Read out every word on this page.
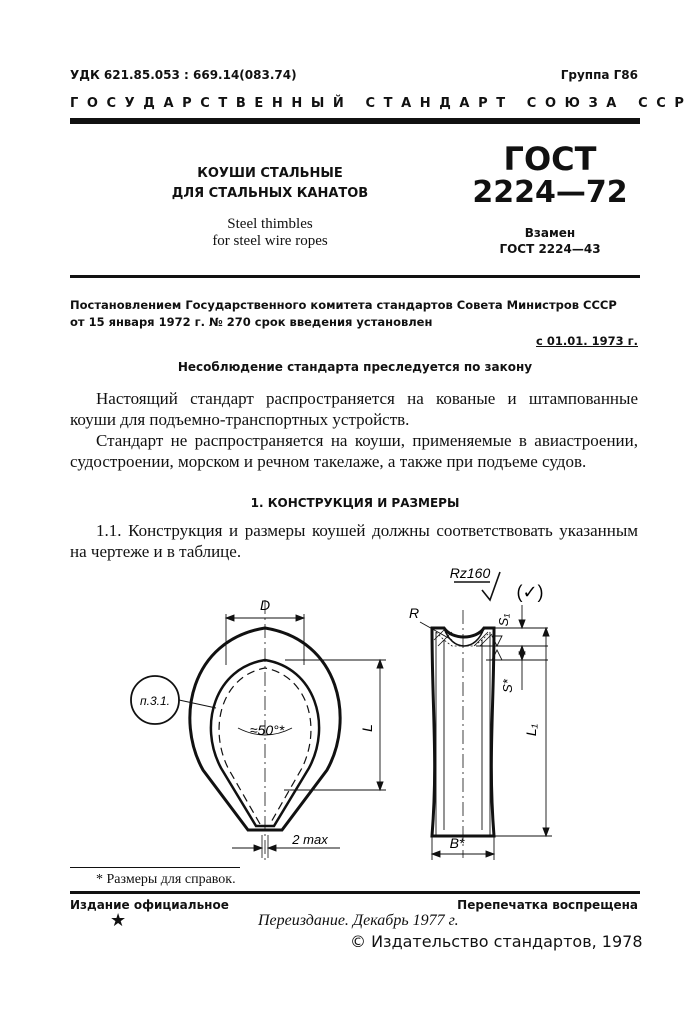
УДК 621.85.053 : 669.14(083.74)	Группа Г86
ГОСУДАРСТВЕННЫЙ СТАНДАРТ СОЮЗА ССР
КОУШИ СТАЛЬНЫЕ
ДЛЯ СТАЛЬНЫХ КАНАТОВ
Steel thimbles
for steel wire ropes
ГОСТ
2224—72
Взамен
ГОСТ 2224—43
Постановлением Государственного комитета стандартов Совета Министров СССР
от 15 января 1972 г. № 270 срок введения установлен
с 01.01. 1973 г.
Несоблюдение стандарта преследуется по закону
Настоящий стандарт распространяется на кованые и штампованные коуши для подъемно-транспортных устройств.
Стандарт не распространяется на коуши, применяемые в авиастроении, судостроении, морском и речном такелаже, а также при подъеме судов.
1. КОНСТРУКЦИЯ И РАЗМЕРЫ
1.1. Конструкция и размеры коушей должны соответствовать указанным на чертеже и в таблице.
D
L
≈50°*
п.3.1.
2 max
R	S₁
S*
L₁
B*
Rz160
(✓)
* Размеры для справок.
Издание официальное	Перепечатка воспрещена
★	Переиздание. Декабрь 1977 г.
© Издательство стандартов, 1978
